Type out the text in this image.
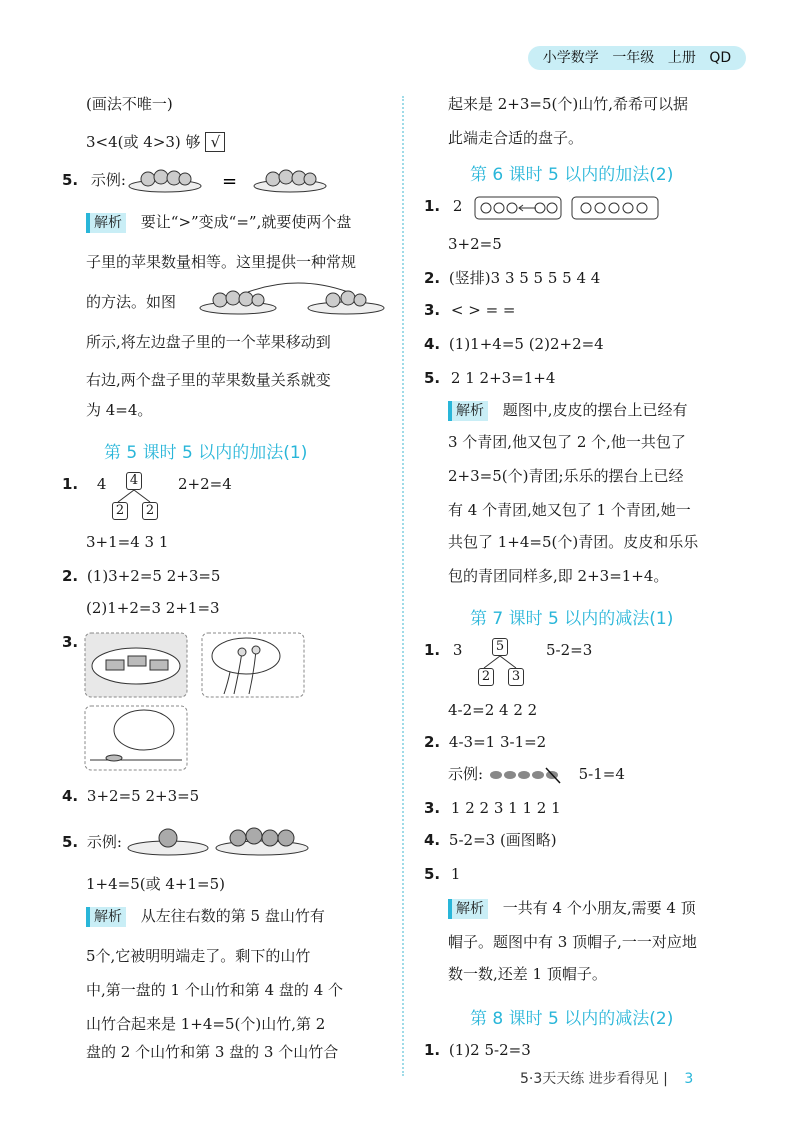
小学数学 一年级 上册 QD
(画法不唯一)
3<4(或 4>3) 够 √
5. 示例:	=
解析 要让“>”变成“=”,就要使两个盘
子里的苹果数量相等。这里提供一种常规
的方法。如图
所示,将左边盘子里的一个苹果移动到
右边,两个盘子里的苹果数量关系就变
为 4=4。
第 5 课时 5 以内的加法(1)
1. 4 4
2 2
2+2=4
3+1=4 3 1
2. (1)3+2=5 2+3=5
(2)1+2=3 2+1=3
3.
4. 3+2=5 2+3=5
5. 示例:
1+4=5(或 4+1=5)
解析 从左往右数的第 5 盘山竹有
5个,它被明明端走了。剩下的山竹
中,第一盘的 1 个山竹和第 4 盘的 4 个
山竹合起来是 1+4=5(个)山竹,第 2
盘的 2 个山竹和第 3 盘的 3 个山竹合
起来是 2+3=5(个)山竹,希希可以据
此端走合适的盘子。
第 6 课时 5 以内的加法(2)
1. 2
3+2=5
2. (竖排)3 3 5 5 5 5 4 4
3. < > = =
4. (1)1+4=5 (2)2+2=4
5. 2 1 2+3=1+4
解析 题图中,皮皮的摆台上已经有
3 个青团,他又包了 2 个,他一共包了
2+3=5(个)青团;乐乐的摆台上已经
有 4 个青团,她又包了 1 个青团,她一
共包了 1+4=5(个)青团。皮皮和乐乐
包的青团同样多,即 2+3=1+4。
第 7 课时 5 以内的减法(1)
1. 3	5
2 3
5-2=3
4-2=2 4 2 2
2. 4-3=1 3-1=2
示例:	5-1=4
3. 1 2 2 3 1 1 2 1
4. 5-2=3 (画图略)
5. 1
解析 一共有 4 个小朋友,需要 4 顶
帽子。题图中有 3 顶帽子,一一对应地
数一数,还差 1 顶帽子。
第 8 课时 5 以内的减法(2)
1. (1)2 5-2=3
5·3天天练 进步看得见 | 3
